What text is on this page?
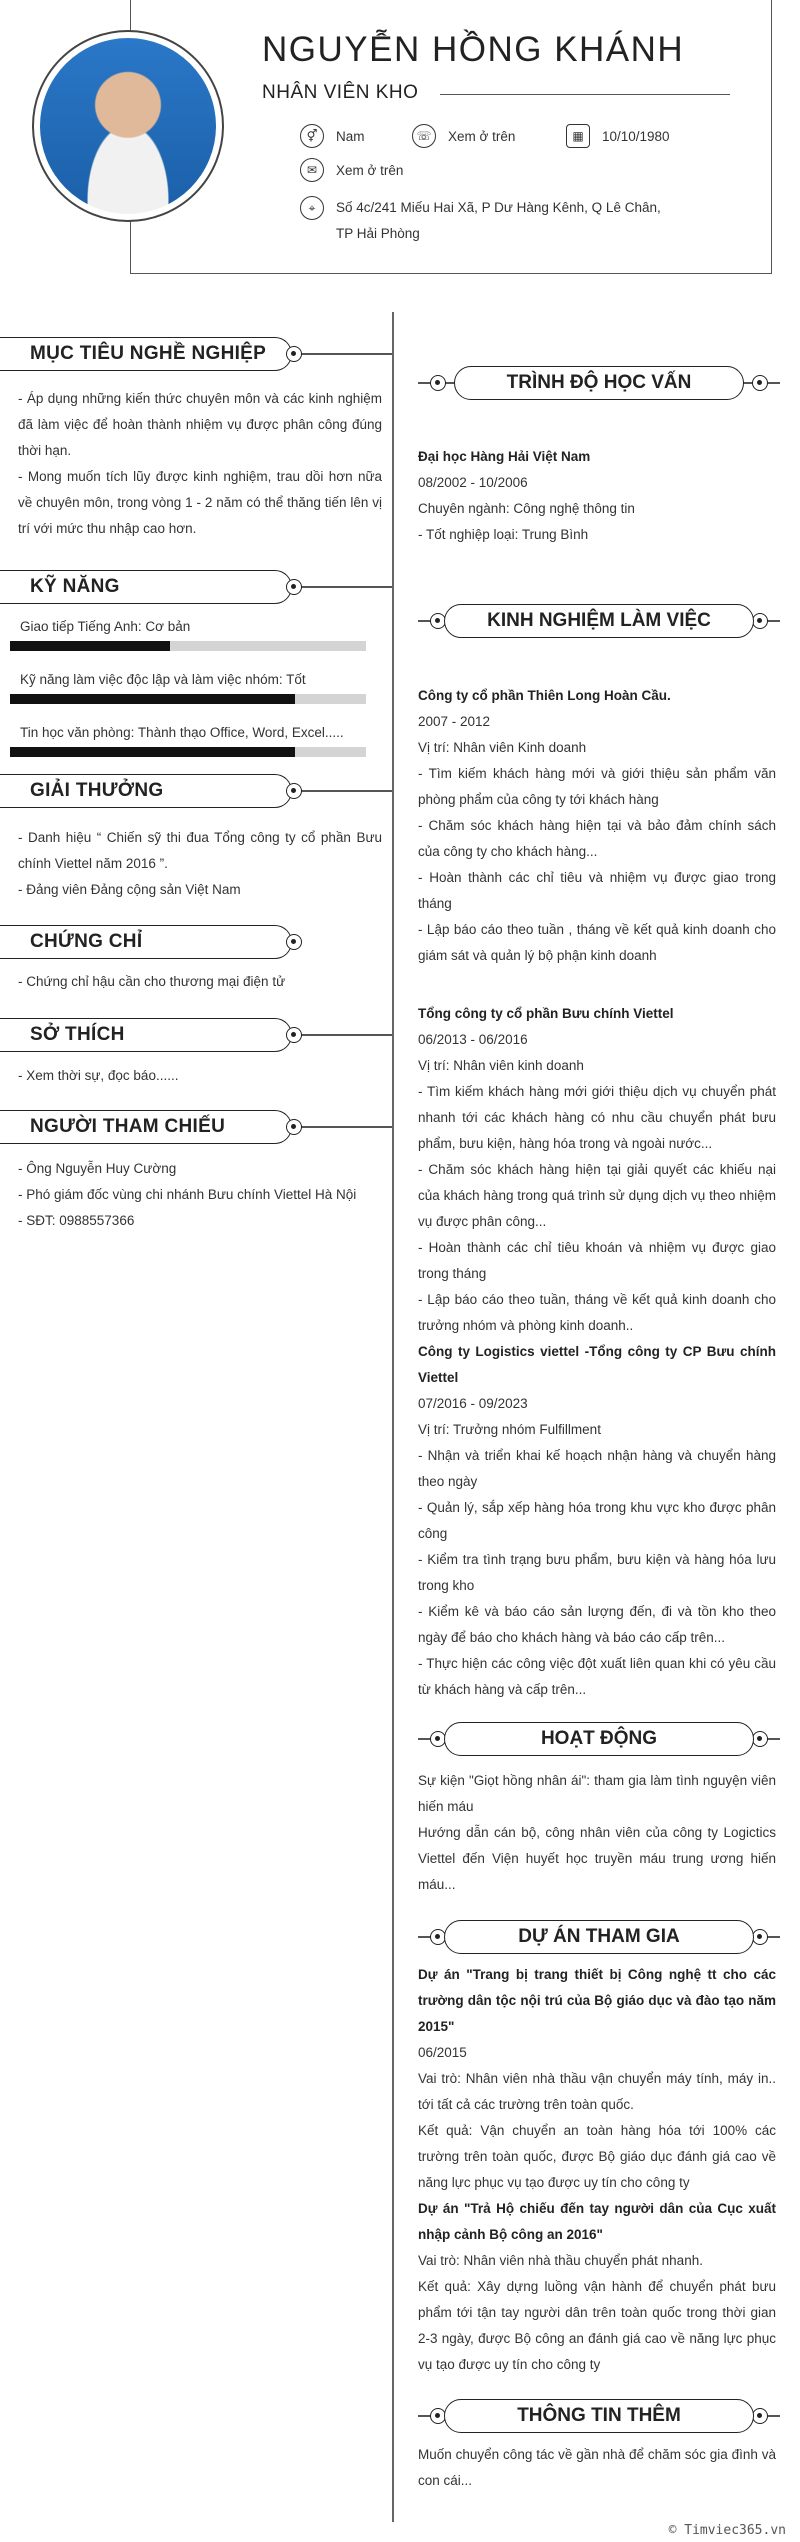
NGUYỄN HỒNG KHÁNH
NHÂN VIÊN KHO
⚥	Nam	☏	Xem ở trên	▦	10/10/1980
✉	Xem ở trên
⌖	Số 4c/241 Miếu Hai Xã, P Dư Hàng Kênh, Q Lê Chân,
TP Hải Phòng
MỤC TIÊU NGHỀ NGHIỆP

- Áp dụng những kiến thức chuyên môn và các kinh nghiệm đã làm việc để hoàn thành nhiệm vụ được phân công đúng thời hạn.

- Mong muốn tích lũy được kinh nghiệm, trau dồi hơn nữa về chuyên môn, trong vòng 1 - 2 năm có thể thăng tiến lên vị trí với mức thu nhập cao hơn.

KỸ NĂNG
Giao tiếp Tiếng Anh: Cơ bản
Kỹ năng làm việc độc lập và làm việc nhóm: Tốt
Tin học văn phòng: Thành thạo Office, Word, Excel.....
GIẢI THƯỞNG

- Danh hiệu “ Chiến sỹ thi đua Tổng công ty cổ phần Bưu chính Viettel năm 2016 ”.

- Đảng viên Đảng cộng sản Việt Nam

CHỨNG CHỈ

- Chứng chỉ hậu cần cho thương mại điện tử

SỞ THÍCH

- Xem thời sự, đọc báo......

NGƯỜI THAM CHIẾU

- Ông Nguyễn Huy Cường

- Phó giám đốc vùng chi nhánh Bưu chính Viettel Hà Nội

- SĐT: 0988557366

TRÌNH ĐỘ HỌC VẤN

Đại học Hàng Hải Việt Nam

08/2002 - 10/2006

Chuyên ngành: Công nghệ thông tin

- Tốt nghiệp loại: Trung Bình

KINH NGHIỆM LÀM VIỆC

Công ty cổ phần Thiên Long Hoàn Cầu.

2007 - 2012

Vị trí: Nhân viên Kinh doanh

- Tìm kiếm khách hàng mới và giới thiệu sản phẩm văn phòng phẩm của công ty tới khách hàng

- Chăm sóc khách hàng hiện tại và bảo đảm chính sách của công ty cho khách hàng...

- Hoàn thành các chỉ tiêu và nhiệm vụ được giao trong tháng

- Lập báo cáo theo tuần , tháng về kết quả kinh doanh cho giám sát và quản lý bộ phận kinh doanh

Tổng công ty cổ phần Bưu chính Viettel

06/2013 - 06/2016

Vị trí: Nhân viên kinh doanh

- Tìm kiếm khách hàng mới giới thiệu dịch vụ chuyển phát nhanh tới các khách hàng có nhu cầu chuyển phát bưu phẩm, bưu kiện, hàng hóa trong và ngoài nước...

- Chăm sóc khách hàng hiện tại giải quyết các khiếu nại của khách hàng trong quá trình sử dụng dịch vụ theo nhiệm vụ được phân công...

- Hoàn thành các chỉ tiêu khoán và nhiệm vụ được giao trong tháng

- Lập báo cáo theo tuần, tháng về kết quả kinh doanh cho trưởng nhóm và phòng kinh doanh..

Công ty Logistics viettel -Tổng công ty CP Bưu chính Viettel

07/2016 - 09/2023

Vị trí: Trưởng nhóm Fulfillment

- Nhận và triển khai kế hoạch nhận hàng và chuyển hàng theo ngày

- Quản lý, sắp xếp hàng hóa trong khu vực kho được phân công

- Kiểm tra tình trạng bưu phẩm, bưu kiện và hàng hóa lưu trong kho

- Kiểm kê và báo cáo sản lượng đến, đi và tồn kho theo ngày để báo cho khách hàng và báo cáo cấp trên...

- Thực hiện các công việc đột xuất liên quan khi có yêu cầu từ khách hàng và cấp trên...

HOẠT ĐỘNG

Sự kiện "Giọt hồng nhân ái": tham gia làm tình nguyện viên hiến máu

Hướng dẫn cán bộ, công nhân viên của công ty Logictics Viettel đến Viện huyết học truyền máu trung ương hiến máu...

DỰ ÁN THAM GIA

Dự án "Trang bị trang thiết bị Công nghệ tt cho các trường dân tộc nội trú của Bộ giáo dục và đào tạo năm 2015"

06/2015

Vai trò: Nhân viên nhà thầu vận chuyển máy tính, máy in.. tới tất cả các trường trên toàn quốc.

Kết quả: Vận chuyển an toàn hàng hóa tới 100% các trường trên toàn quốc, được Bộ giáo dục đánh giá cao về năng lực phục vụ tạo được uy tín cho công ty

Dự án "Trả Hộ chiếu đến tay người dân của Cục xuất nhập cảnh Bộ công an 2016"

Vai trò: Nhân viên nhà thầu chuyển phát nhanh.

Kết quả: Xây dựng luồng vận hành để chuyển phát bưu phẩm tới tận tay người dân trên toàn quốc trong thời gian 2-3 ngày, được Bộ công an đánh giá cao về năng lực phục vụ tạo được uy tín cho công ty

THÔNG TIN THÊM

Muốn chuyển công tác về gần nhà để chăm sóc gia đình và con cái...

© Timviec365.vn
